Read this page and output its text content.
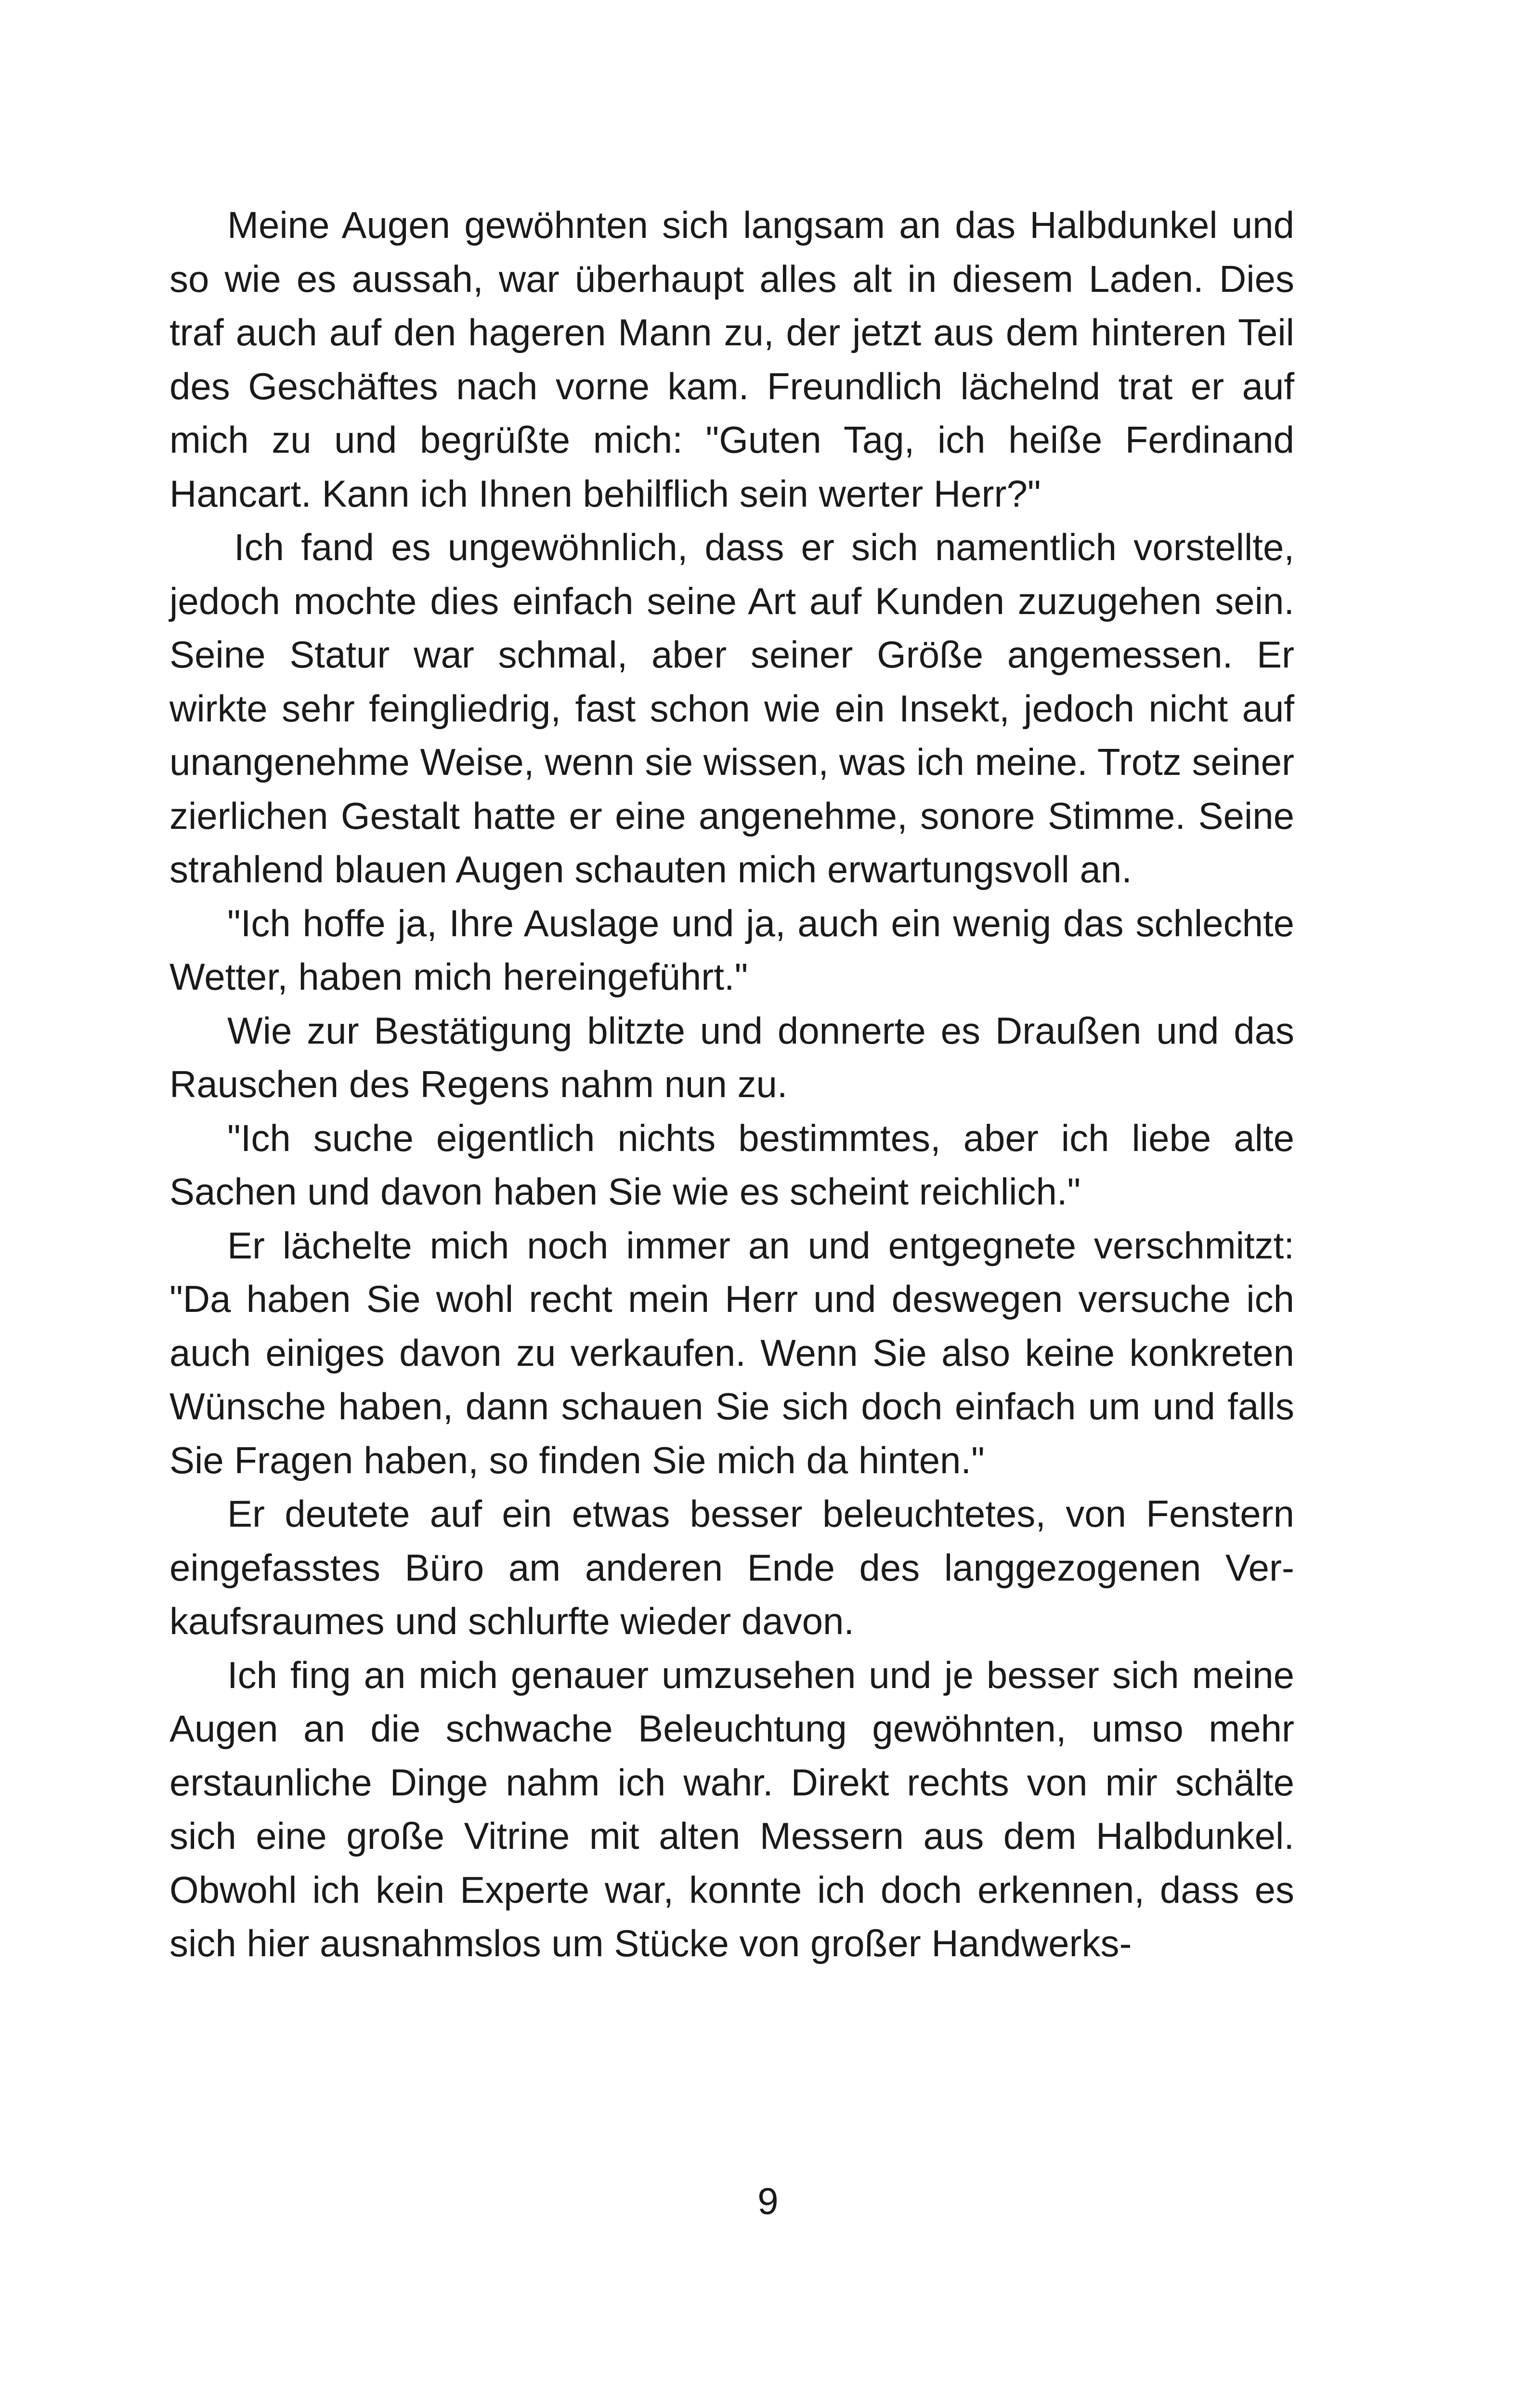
Meine Augen gewöhnten sich langsam an das Halbdunkel und so wie es aussah, war überhaupt alles alt in diesem Laden. Dies traf auch auf den hageren Mann zu, der jetzt aus dem hinteren Teil des Geschäftes nach vorne kam. Freundlich lächelnd trat er auf mich zu und begrüßte mich: "Guten Tag, ich heiße Ferdinand Hancart. Kann ich Ihnen behilflich sein werter Herr?"

Ich fand es ungewöhnlich, dass er sich namentlich vorstellte, jedoch mochte dies einfach seine Art auf Kunden zuzugehen sein. Seine Statur war schmal, aber seiner Größe angemessen. Er wirkte sehr feingliedrig, fast schon wie ein Insekt, jedoch nicht auf unangenehme Weise, wenn sie wissen, was ich meine. Trotz seiner zierlichen Gestalt hatte er eine angenehme, sonore Stimme. Seine strahlend blauen Augen schauten mich erwartungsvoll an.

"Ich hoffe ja, Ihre Auslage und ja, auch ein wenig das schlechte Wetter, haben mich hereingeführt."

Wie zur Bestätigung blitzte und donnerte es Draußen und das Rauschen des Regens nahm nun zu.

"Ich suche eigentlich nichts bestimmtes, aber ich liebe alte Sachen und davon haben Sie wie es scheint reichlich."

Er lächelte mich noch immer an und entgegnete verschmitzt: "Da haben Sie wohl recht mein Herr und deswegen versuche ich auch einiges davon zu verkaufen. Wenn Sie also keine konkreten Wünsche haben, dann schauen Sie sich doch einfach um und falls Sie Fragen haben, so finden Sie mich da hinten."

Er deutete auf ein etwas besser beleuchtetes, von Fenstern eingefasstes Büro am anderen Ende des langgezogenen Verkaufsraumes und schlurfte wieder davon.

Ich fing an mich genauer umzusehen und je besser sich meine Augen an die schwache Beleuchtung gewöhnten, umso mehr erstaunliche Dinge nahm ich wahr. Direkt rechts von mir schälte sich eine große Vitrine mit alten Messern aus dem Halbdunkel. Obwohl ich kein Experte war, konnte ich doch erkennen, dass es sich hier ausnahmslos um Stücke von großer Handwerks-

9
